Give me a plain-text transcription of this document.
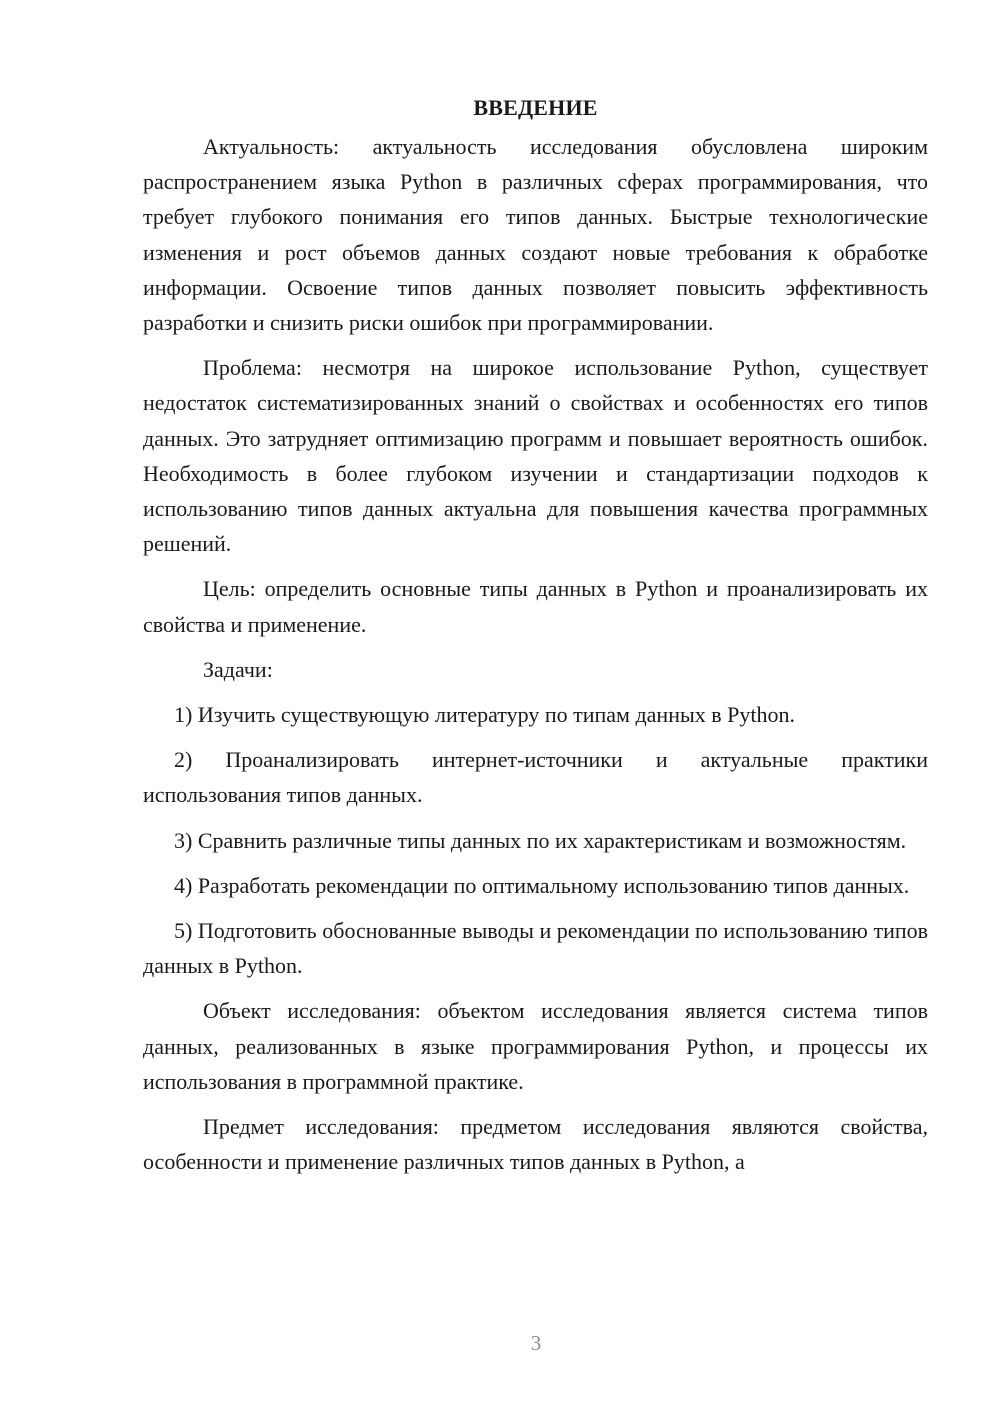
ВВЕДЕНИЕ

Актуальность: актуальность исследования обусловлена широким распространением языка Python в различных сферах программирования, что требует глубокого понимания его типов данных. Быстрые технологические изменения и рост объемов данных создают новые требования к обработке информации. Освоение типов данных позволяет повысить эффективность разработки и снизить риски ошибок при программировании.

Проблема: несмотря на широкое использование Python, существует недостаток систематизированных знаний о свойствах и особенностях его типов данных. Это затрудняет оптимизацию программ и повышает вероятность ошибок. Необходимость в более глубоком изучении и стандартизации подходов к использованию типов данных актуальна для повышения качества программных решений.

Цель: определить основные типы данных в Python и проанализировать их свойства и применение.

Задачи:

1) Изучить существующую литературу по типам данных в Python.

2) Проанализировать интернет-источники и актуальные практики использования типов данных.

3) Сравнить различные типы данных по их характеристикам и возможностям.

4) Разработать рекомендации по оптимальному использованию типов данных.

5) Подготовить обоснованные выводы и рекомендации по использованию типов данных в Python.

Объект исследования: объектом исследования является система типов данных, реализованных в языке программирования Python, и процессы их использования в программной практике.

Предмет исследования: предметом исследования являются свойства, особенности и применение различных типов данных в Python, а

3
